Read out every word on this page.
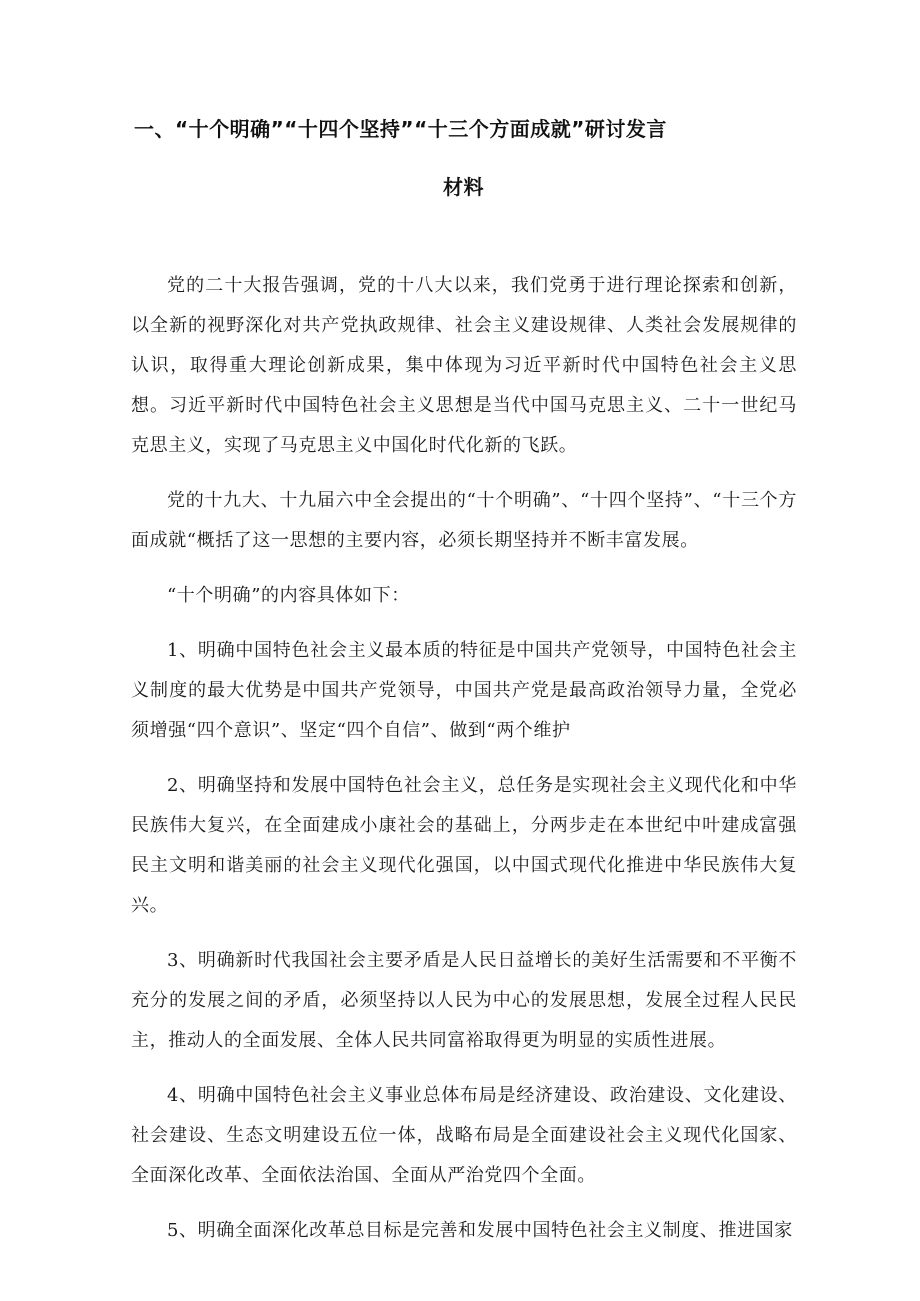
一、“十个明确”“十四个坚持”“十三个方面成就”研讨发言
材料

党的二十大报告强调，党的十八大以来，我们党勇于进行理论探索和创新，以全新的视野深化对共产党执政规律、社会主义建设规律、人类社会发展规律的认识，取得重大理论创新成果，集中体现为习近平新时代中国特色社会主义思想。习近平新时代中国特色社会主义思想是当代中国马克思主义、二十一世纪马克思主义，实现了马克思主义中国化时代化新的飞跃。

党的十九大、十九届六中全会提出的“十个明确”、“十四个坚持”、“十三个方面成就“概括了这一思想的主要内容，必须长期坚持并不断丰富发展。

“十个明确”的内容具体如下：

1、明确中国特色社会主义最本质的特征是中国共产党领导，中国特色社会主义制度的最大优势是中国共产党领导，中国共产党是最高政治领导力量，全党必须增强“四个意识”、坚定“四个自信”、做到“两个维护

2、明确坚持和发展中国特色社会主义，总任务是实现社会主义现代化和中华民族伟大复兴，在全面建成小康社会的基础上，分两步走在本世纪中叶建成富强民主文明和谐美丽的社会主义现代化强国，以中国式现代化推进中华民族伟大复兴。

3、明确新时代我国社会主要矛盾是人民日益增长的美好生活需要和不平衡不充分的发展之间的矛盾，必须坚持以人民为中心的发展思想，发展全过程人民民主，推动人的全面发展、全体人民共同富裕取得更为明显的实质性进展。

4、明确中国特色社会主义事业总体布局是经济建设、政治建设、文化建设、社会建设、生态文明建设五位一体，战略布局是全面建设社会主义现代化国家、全面深化改革、全面依法治国、全面从严治党四个全面。

5、明确全面深化改革总目标是完善和发展中国特色社会主义制度、推进国家
